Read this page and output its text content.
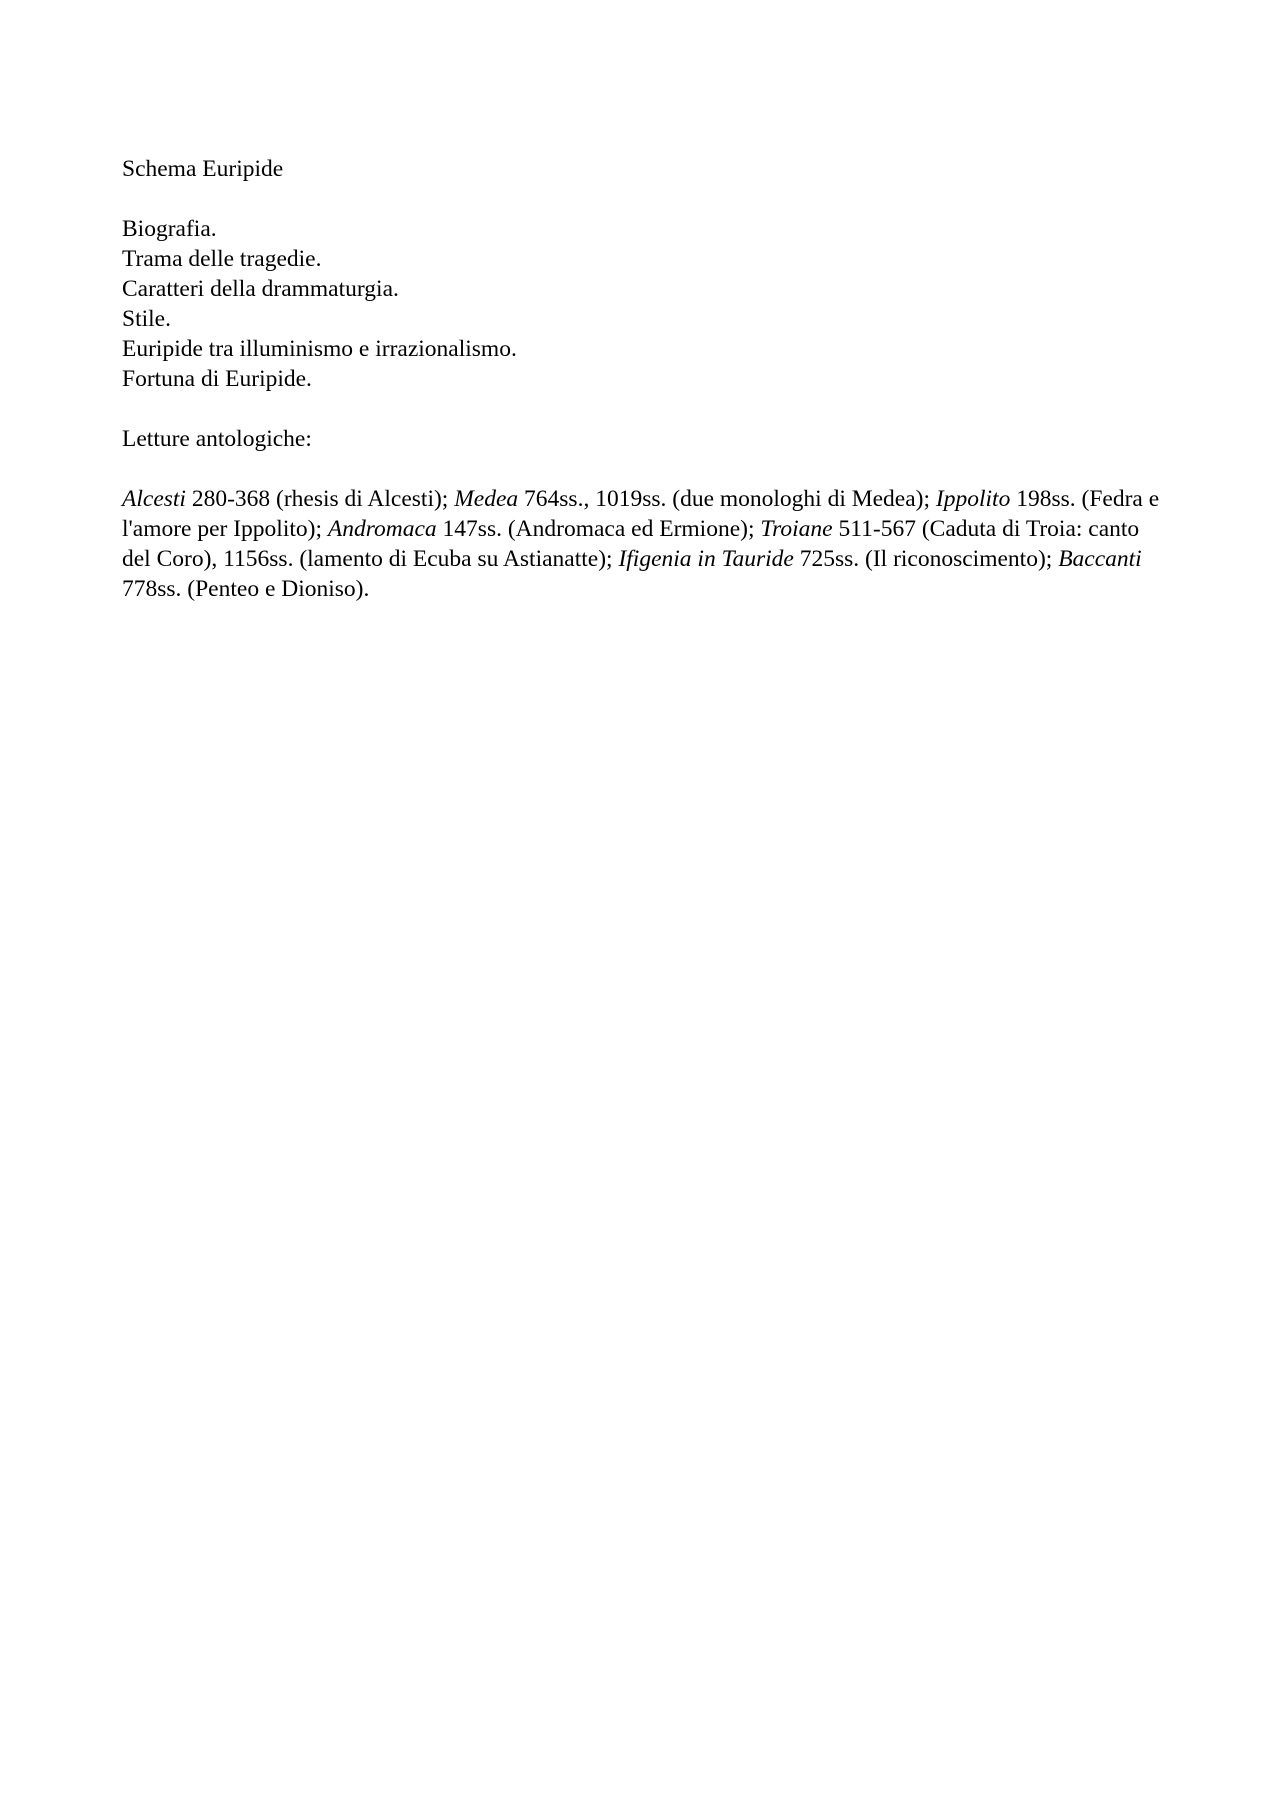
Schema Euripide

Biografia.
Trama delle tragedie.
Caratteri della drammaturgia.
Stile.
Euripide tra illuminismo e irrazionalismo.
Fortuna di Euripide.

Letture antologiche:

Alcesti 280-368 (rhesis di Alcesti); Medea 764ss., 1019ss. (due monologhi di Medea); Ippolito 198ss. (Fedra e l'amore per Ippolito); Andromaca 147ss. (Andromaca ed Ermione); Troiane 511-567 (Caduta di Troia: canto del Coro), 1156ss. (lamento di Ecuba su Astianatte); Ifigenia in Tauride 725ss. (Il riconoscimento); Baccanti 778ss. (Penteo e Dioniso).
